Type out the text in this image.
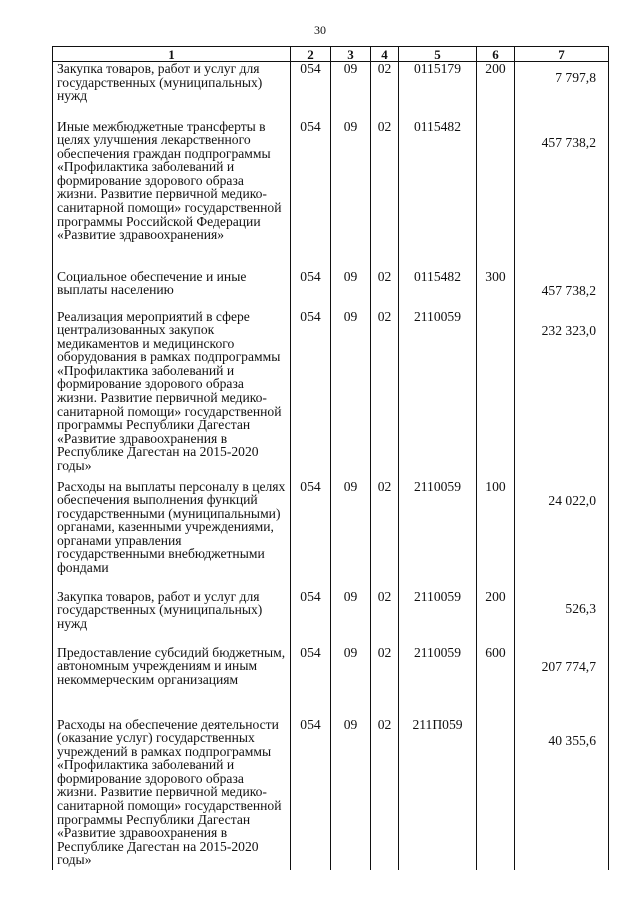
30
1	2	3	4	5	6	7
Закупка товаров, работ и услуг для государственных (муниципальных) нужд	054	09	02	0115179	200	7 797,8
Иные межбюджетные трансферты в целях улучшения лекарственного обеспечения граждан подпрограммы «Профилактика заболеваний и формирование здорового образа жизни. Развитие первичной медико-санитарной помощи» государственной программы Российской Федерации «Развитие здравоохранения»	054	09	02	0115482		457 738,2
Социальное обеспечение и иные выплаты населению	054	09	02	0115482	300	457 738,2
Реализация мероприятий в сфере централизованных закупок медикаментов и медицинского оборудования в рамках подпрограммы «Профилактика заболеваний и формирование здорового образа жизни. Развитие первичной медико-санитарной помощи» государственной программы Республики Дагестан «Развитие здравоохранения в Республике Дагестан на 2015-2020 годы»	054	09	02	2110059		232 323,0
Расходы на выплаты персоналу в целях обеспечения выполнения функций государственными (муниципальными) органами, казенными учреждениями, органами управления государственными внебюджетными фондами	054	09	02	2110059	100	24 022,0
Закупка товаров, работ и услуг для государственных (муниципальных) нужд	054	09	02	2110059	200	526,3
Предоставление субсидий бюджетным, автономным учреждениям и иным некоммерческим организациям	054	09	02	2110059	600	207 774,7
Расходы на обеспечение деятельности (оказание услуг) государственных учреждений в рамках подпрограммы «Профилактика заболеваний и формирование здорового образа жизни. Развитие первичной медико-санитарной помощи» государственной программы Республики Дагестан «Развитие здравоохранения в Республике Дагестан на 2015-2020 годы»	054	09	02	211П059		40 355,6
